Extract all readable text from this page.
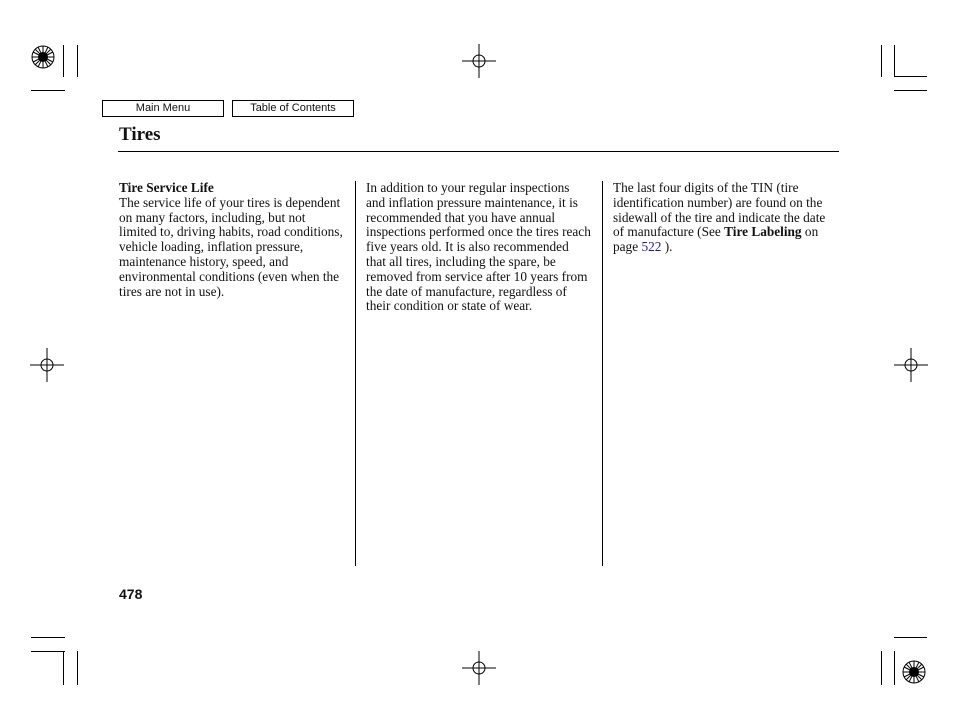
Main Menu	Table of Contents
Tires

Tire Service Life

The service life of your tires is dependent on many factors, including, but not limited to, driving habits, road conditions, vehicle loading, inflation pressure, maintenance history, speed, and environmental conditions (even when the tires are not in use).

In addition to your regular inspections and inflation pressure maintenance, it is recommended that you have annual inspections performed once the tires reach five years old. It is also recommended that all tires, including the spare, be removed from service after 10 years from the date of manufacture, regardless of their condition or state of wear.

The last four digits of the TIN (tire identification number) are found on the sidewall of the tire and indicate the date of manufacture (See Tire Labeling on page 522 ).

478
